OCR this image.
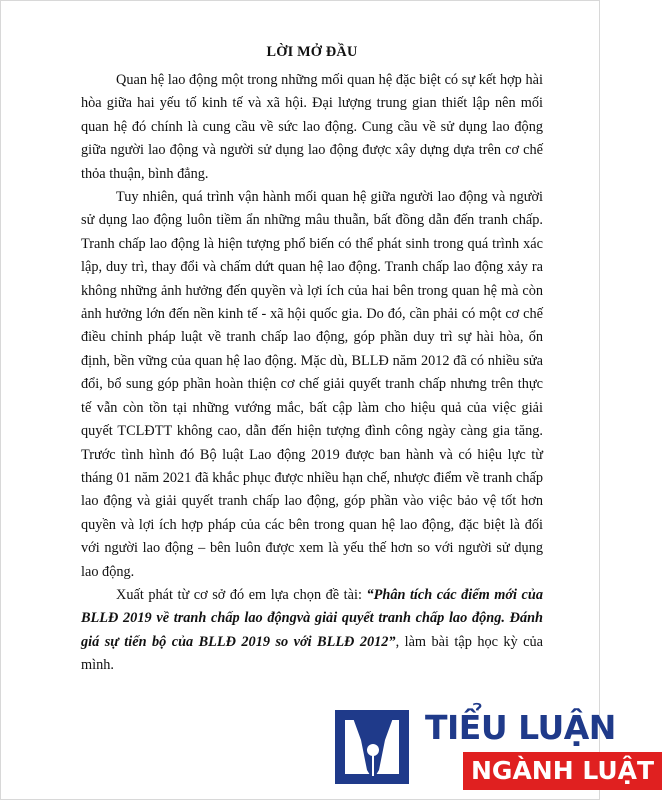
LỜI MỞ ĐẦU

Quan hệ lao động một trong những mối quan hệ đặc biệt có sự kết hợp hài hòa giữa hai yếu tố kinh tế và xã hội. Đại lượng trung gian thiết lập nên mối quan hệ đó chính là cung cầu về sức lao động. Cung cầu về sử dụng lao động giữa người lao động và người sử dụng lao động được xây dựng dựa trên cơ chế thỏa thuận, bình đẳng.

Tuy nhiên, quá trình vận hành mối quan hệ giữa người lao động và người sử dụng lao động luôn tiềm ẩn những mâu thuẫn, bất đồng dẫn đến tranh chấp. Tranh chấp lao động là hiện tượng phổ biến có thể phát sinh trong quá trình xác lập, duy trì, thay đổi và chấm dứt quan hệ lao động. Tranh chấp lao động xảy ra không những ảnh hưởng đến quyền và lợi ích của hai bên trong quan hệ mà còn ảnh hưởng lớn đến nền kinh tế - xã hội quốc gia. Do đó, cần phải có một cơ chế điều chỉnh pháp luật về tranh chấp lao động, góp phần duy trì sự hài hòa, ổn định, bền vững của quan hệ lao động. Mặc dù, BLLĐ năm 2012 đã có nhiều sửa đổi, bổ sung góp phần hoàn thiện cơ chế giải quyết tranh chấp nhưng trên thực tế vẫn còn tồn tại những vướng mắc, bất cập làm cho hiệu quả của việc giải quyết TCLĐTT không cao, dẫn đến hiện tượng đình công ngày càng gia tăng. Trước tình hình đó Bộ luật Lao động 2019 được ban hành và có hiệu lực từ tháng 01 năm 2021 đã khắc phục được nhiều hạn chế, nhược điểm về tranh chấp lao động và giải quyết tranh chấp lao động, góp phần vào việc bảo vệ tốt hơn quyền và lợi ích hợp pháp của các bên trong quan hệ lao động, đặc biệt là đối với người lao động – bên luôn được xem là yếu thế hơn so với người sử dụng lao động.

Xuất phát từ cơ sở đó em lựa chọn đề tài: “Phân tích các điểm mới của BLLĐ 2019 về tranh chấp lao độngvà giải quyết tranh chấp lao động. Đánh giá sự tiến bộ của BLLĐ 2019 so với BLLĐ 2012”, làm bài tập học kỳ của mình.

TIỂU LUẬN
NGÀNH LUẬT
